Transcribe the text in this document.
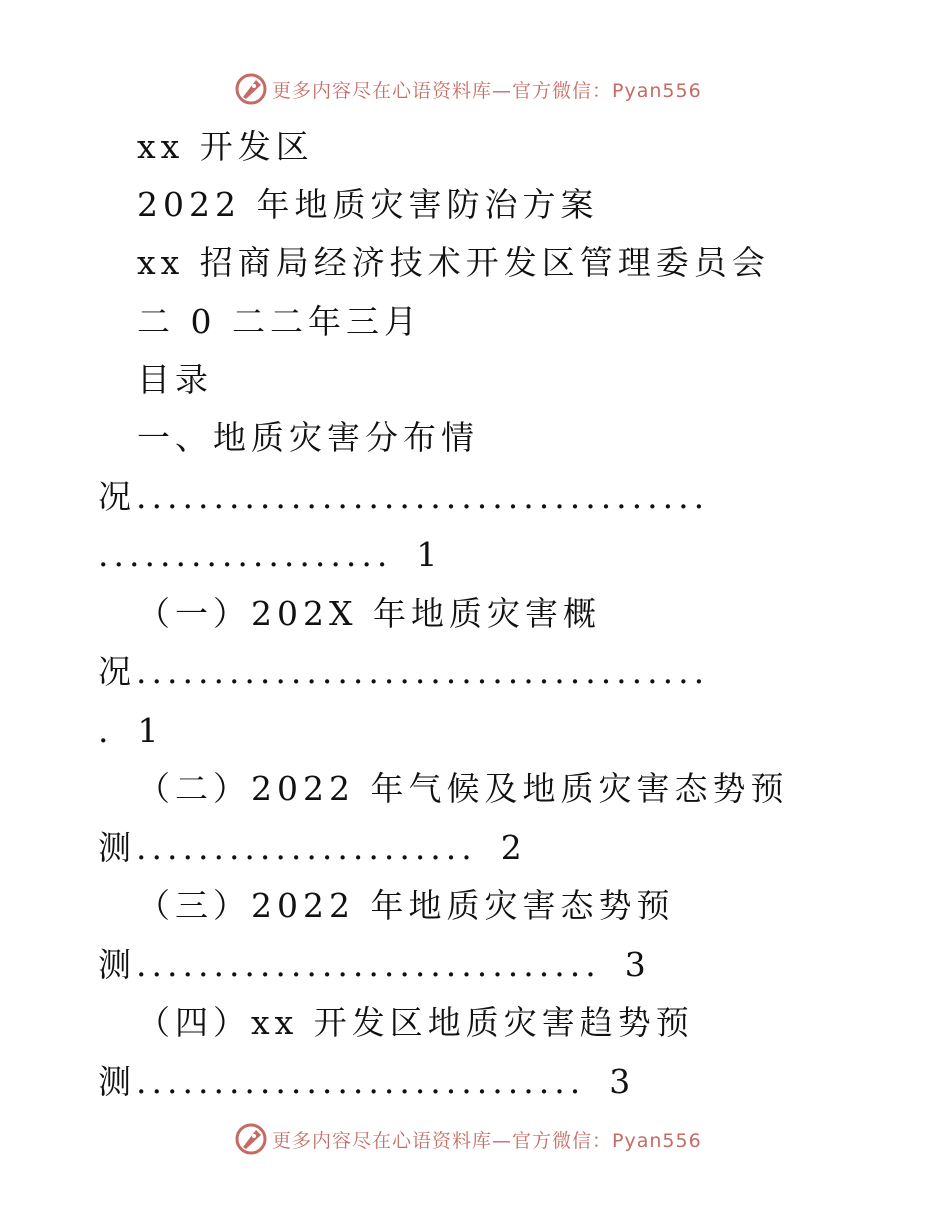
更多内容尽在心语资料库—官方微信：Pyan556
xx 开发区
2022 年地质灾害防治方案
xx 招商局经济技术开发区管理委员会
二 0 二二年三月
目录
一、地质灾害分布情
况.....................................
................... 1
（一）202X 年地质灾害概
况.....................................
. 1
（二）2022 年气候及地质灾害态势预
测...................... 2
（三）2022 年地质灾害态势预
测.............................. 3
（四）xx 开发区地质灾害趋势预
测............................. 3
更多内容尽在心语资料库—官方微信：Pyan556
